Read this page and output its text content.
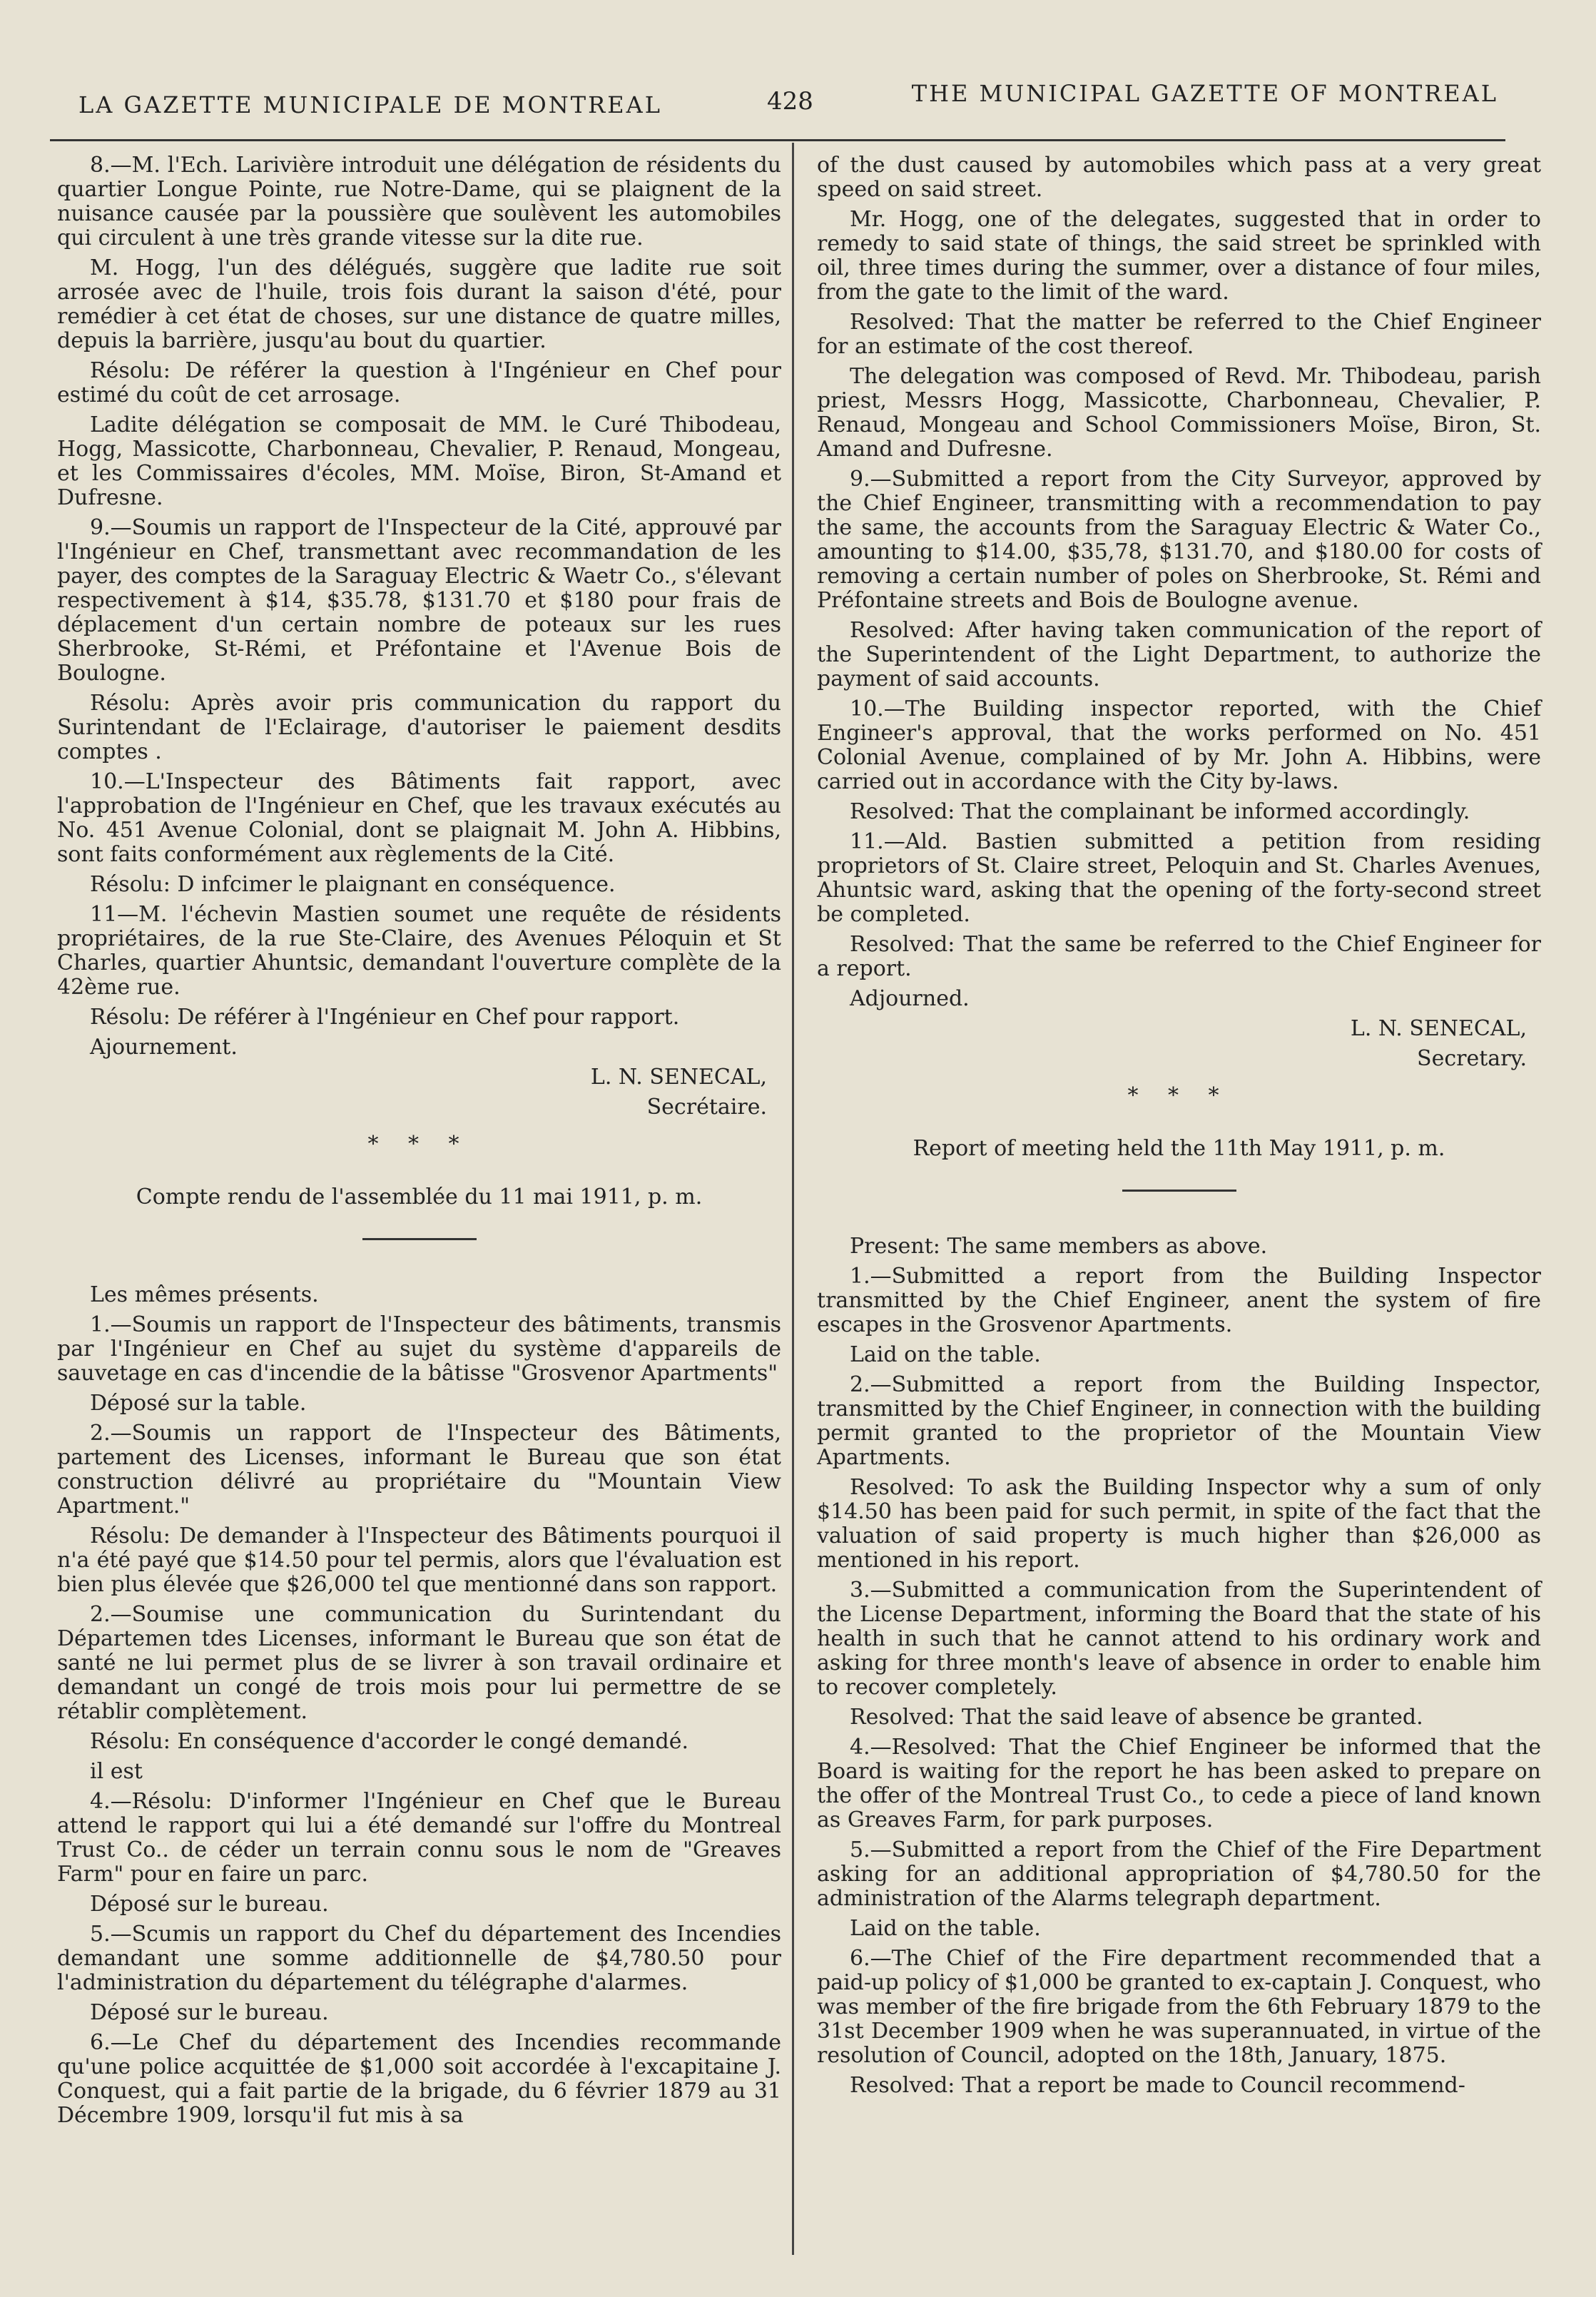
LA GAZETTE MUNICIPALE DE MONTREAL	428	THE MUNICIPAL GAZETTE OF MONTREAL

8.—M. l'Ech. Larivière introduit une délégation de résidents du quartier Longue Pointe, rue Notre-Dame, qui se plaignent de la nuisance causée par la poussière que soulèvent les automobiles qui circulent à une très grande vitesse sur la dite rue.

M. Hogg, l'un des délégués, suggère que ladite rue soit arrosée avec de l'huile, trois fois durant la saison d'été, pour remédier à cet état de choses, sur une distance de quatre milles, depuis la barrière, jusqu'au bout du quartier.

Résolu: De référer la question à l'Ingénieur en Chef pour estimé du coût de cet arrosage.

Ladite délégation se composait de MM. le Curé Thibodeau, Hogg, Massicotte, Charbonneau, Chevalier, P. Renaud, Mongeau, et les Commissaires d'écoles, MM. Moïse, Biron, St-Amand et Dufresne.

9.—Soumis un rapport de l'Inspecteur de la Cité, approuvé par l'Ingénieur en Chef, transmettant avec recommandation de les payer, des comptes de la Saraguay Electric & Waetr Co., s'élevant respectivement à $14, $35.78, $131.70 et $180 pour frais de déplacement d'un certain nombre de poteaux sur les rues Sherbrooke, St-Rémi, et Préfontaine et l'Avenue Bois de Boulogne.

Résolu: Après avoir pris communication du rapport du Surintendant de l'Eclairage, d'autoriser le paiement desdits comptes .

10.—L'Inspecteur des Bâtiments fait rapport, avec l'approbation de l'Ingénieur en Chef, que les travaux exécutés au No. 451 Avenue Colonial, dont se plaignait M. John A. Hibbins, sont faits conformément aux règlements de la Cité.

Résolu: D infcimer le plaignant en conséquence.

11—M. l'échevin Mastien soumet une requête de résidents propriétaires, de la rue Ste-Claire, des Avenues Péloquin et St Charles, quartier Ahuntsic, demandant l'ouverture complète de la 42ème rue.

Résolu: De référer à l'Ingénieur en Chef pour rapport.

Ajournement.

L. N. SENECAL,

Secrétaire.

* * *

Compte rendu de l'assemblée du 11 mai 1911, p. m.

Les mêmes présents.

1.—Soumis un rapport de l'Inspecteur des bâtiments, transmis par l'Ingénieur en Chef au sujet du système d'appareils de sauvetage en cas d'incendie de la bâtisse "Grosvenor Apartments"

Déposé sur la table.

2.—Soumis un rapport de l'Inspecteur des Bâtiments, partement des Licenses, informant le Bureau que son état construction délivré au propriétaire du "Mountain View Apartment."

Résolu: De demander à l'Inspecteur des Bâtiments pourquoi il n'a été payé que $14.50 pour tel permis, alors que l'évaluation est bien plus élevée que $26,000 tel que mentionné dans son rapport.

2.—Soumise une communication du Surintendant du Départemen tdes Licenses, informant le Bureau que son état de santé ne lui permet plus de se livrer à son travail ordinaire et demandant un congé de trois mois pour lui permettre de se rétablir complètement.

Résolu: En conséquence d'accorder le congé demandé.

il est

4.—Résolu: D'informer l'Ingénieur en Chef que le Bureau attend le rapport qui lui a été demandé sur l'offre du Montreal Trust Co.. de céder un terrain connu sous le nom de "Greaves Farm" pour en faire un parc.

Déposé sur le bureau.

5.—Scumis un rapport du Chef du département des Incendies demandant une somme additionnelle de $4,780.50 pour l'administration du département du télégraphe d'alarmes.

Déposé sur le bureau.

6.—Le Chef du département des Incendies recommande qu'une police acquittée de $1,000 soit accordée à l'excapitaine J. Conquest, qui a fait partie de la brigade, du 6 février 1879 au 31 Décembre 1909, lorsqu'il fut mis à sa

of the dust caused by automobiles which pass at a very great speed on said street.

Mr. Hogg, one of the delegates, suggested that in order to remedy to said state of things, the said street be sprinkled with oil, three times during the summer, over a distance of four miles, from the gate to the limit of the ward.

Resolved: That the matter be referred to the Chief Engineer for an estimate of the cost thereof.

The delegation was composed of Revd. Mr. Thibodeau, parish priest, Messrs Hogg, Massicotte, Charbonneau, Chevalier, P. Renaud, Mongeau and School Commissioners Moïse, Biron, St. Amand and Dufresne.

9.—Submitted a report from the City Surveyor, approved by the Chief Engineer, transmitting with a recommendation to pay the same, the accounts from the Saraguay Electric & Water Co., amounting to $14.00, $35,78, $131.70, and $180.00 for costs of removing a certain number of poles on Sherbrooke, St. Rémi and Préfontaine streets and Bois de Boulogne avenue.

Resolved: After having taken communication of the report of the Superintendent of the Light Department, to authorize the payment of said accounts.

10.—The Building inspector reported, with the Chief Engineer's approval, that the works performed on No. 451 Colonial Avenue, complained of by Mr. John A. Hibbins, were carried out in accordance with the City by-laws.

Resolved: That the complainant be informed accordingly.

11.—Ald. Bastien submitted a petition from residing proprietors of St. Claire street, Peloquin and St. Charles Avenues, Ahuntsic ward, asking that the opening of the forty-second street be completed.

Resolved: That the same be referred to the Chief Engineer for a report.

Adjourned.

L. N. SENECAL,

Secretary.

* * *

Report of meeting held the 11th May 1911, p. m.

Present: The same members as above.

1.—Submitted a report from the Building Inspector transmitted by the Chief Engineer, anent the system of fire escapes in the Grosvenor Apartments.

Laid on the table.

2.—Submitted a report from the Building Inspector, transmitted by the Chief Engineer, in connection with the building permit granted to the proprietor of the Mountain View Apartments.

Resolved: To ask the Building Inspector why a sum of only $14.50 has been paid for such permit, in spite of the fact that the valuation of said property is much higher than $26,000 as mentioned in his report.

3.—Submitted a communication from the Superintendent of the License Department, informing the Board that the state of his health in such that he cannot attend to his ordinary work and asking for three month's leave of absence in order to enable him to recover completely.

Resolved: That the said leave of absence be granted.

4.—Resolved: That the Chief Engineer be informed that the Board is waiting for the report he has been asked to prepare on the offer of the Montreal Trust Co., to cede a piece of land known as Greaves Farm, for park purposes.

5.—Submitted a report from the Chief of the Fire Department asking for an additional appropriation of $4,780.50 for the administration of the Alarms telegraph department.

Laid on the table.

6.—The Chief of the Fire department recommended that a paid-up policy of $1,000 be granted to ex-captain J. Conquest, who was member of the fire brigade from the 6th February 1879 to the 31st December 1909 when he was superannuated, in virtue of the resolution of Council, adopted on the 18th, January, 1875.

Resolved: That a report be made to Council recommend-
